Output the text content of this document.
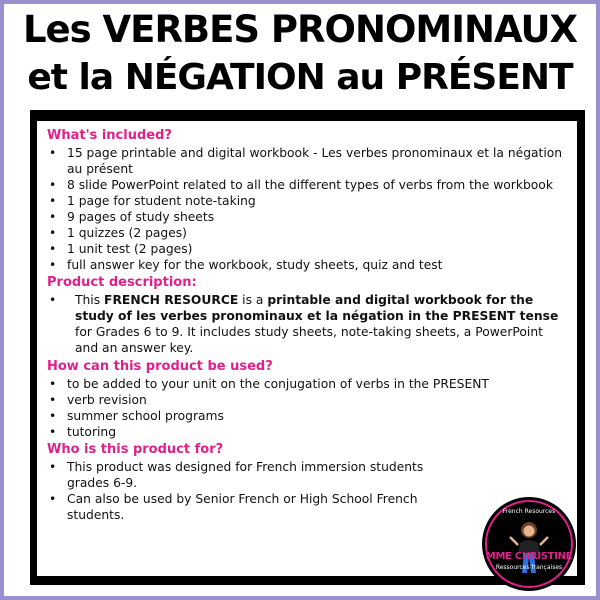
Les VERBES PRONOMINAUX
et la NÉGATION au PRÉSENT
What's included?
• 15 page printable and digital workbook - Les verbes pronominaux et la négation au présent
• 8 slide PowerPoint related to all the different types of verbs from the workbook
• 1 page for student note-taking
• 9 pages of study sheets
• 1 quizzes (2 pages)
• 1 unit test (2 pages)
• full answer key for the workbook, study sheets, quiz and test
Product description:
• This FRENCH RESOURCE is a printable and digital workbook for the study of les verbes pronominaux et la négation in the PRESENT tense for Grades 6 to 9. It includes study sheets, note-taking sheets, a PowerPoint and an answer key.
How can this product be used?
• to be added to your unit on the conjugation of verbs in the PRESENT
• verb revision
• summer school programs
• tutoring
Who is this product for?
• This product was designed for French immersion students grades 6-9.
• Can also be used by Senior French or High School French students.	French Resources
MME CHRISTINE
Ressources françaises
